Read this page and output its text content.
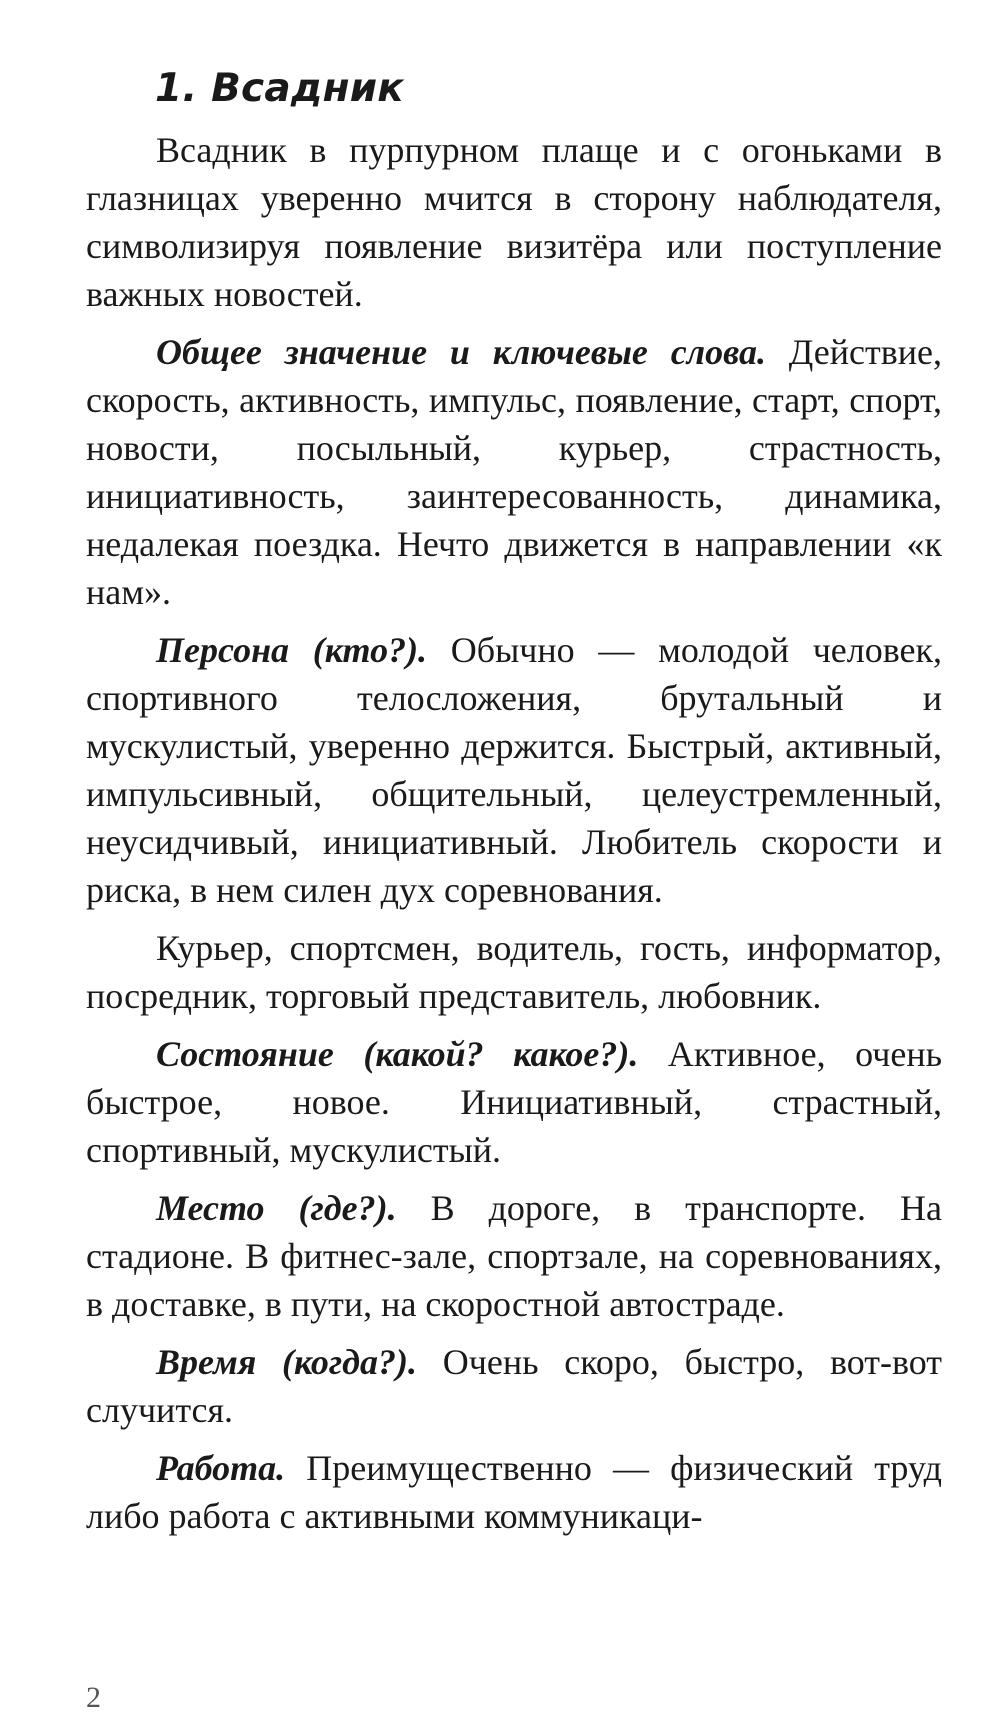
1. Всадник

Всадник в пурпурном плаще и с огоньками в глазницах уверенно мчится в сторону наблюдателя, символизируя появление визитёра или поступление важных новостей.

Общее значение и ключевые слова. Действие, скорость, активность, импульс, появление, старт, спорт, новости, посыльный, курьер, страстность, инициативность, заинтересованность, динамика, недалекая поездка. Нечто движется в направлении «к нам».

Персона (кто?). Обычно — молодой человек, спортивного телосложения, брутальный и мускулистый, уверенно держится. Быстрый, активный, импульсивный, общительный, целеустремленный, неусидчивый, инициативный. Любитель скорости и риска, в нем силен дух соревнования.

Курьер, спортсмен, водитель, гость, информатор, посредник, торговый представитель, любовник.

Состояние (какой? какое?). Активное, очень быстрое, новое. Инициативный, страстный, спортивный, мускулистый.

Место (где?). В дороге, в транспорте. На стадионе. В фитнес-зале, спортзале, на соревнованиях, в доставке, в пути, на скоростной автостраде.

Время (когда?). Очень скоро, быстро, вот-вот случится.

Работа. Преимущественно — физический труд либо работа с активными коммуникаци-

2
